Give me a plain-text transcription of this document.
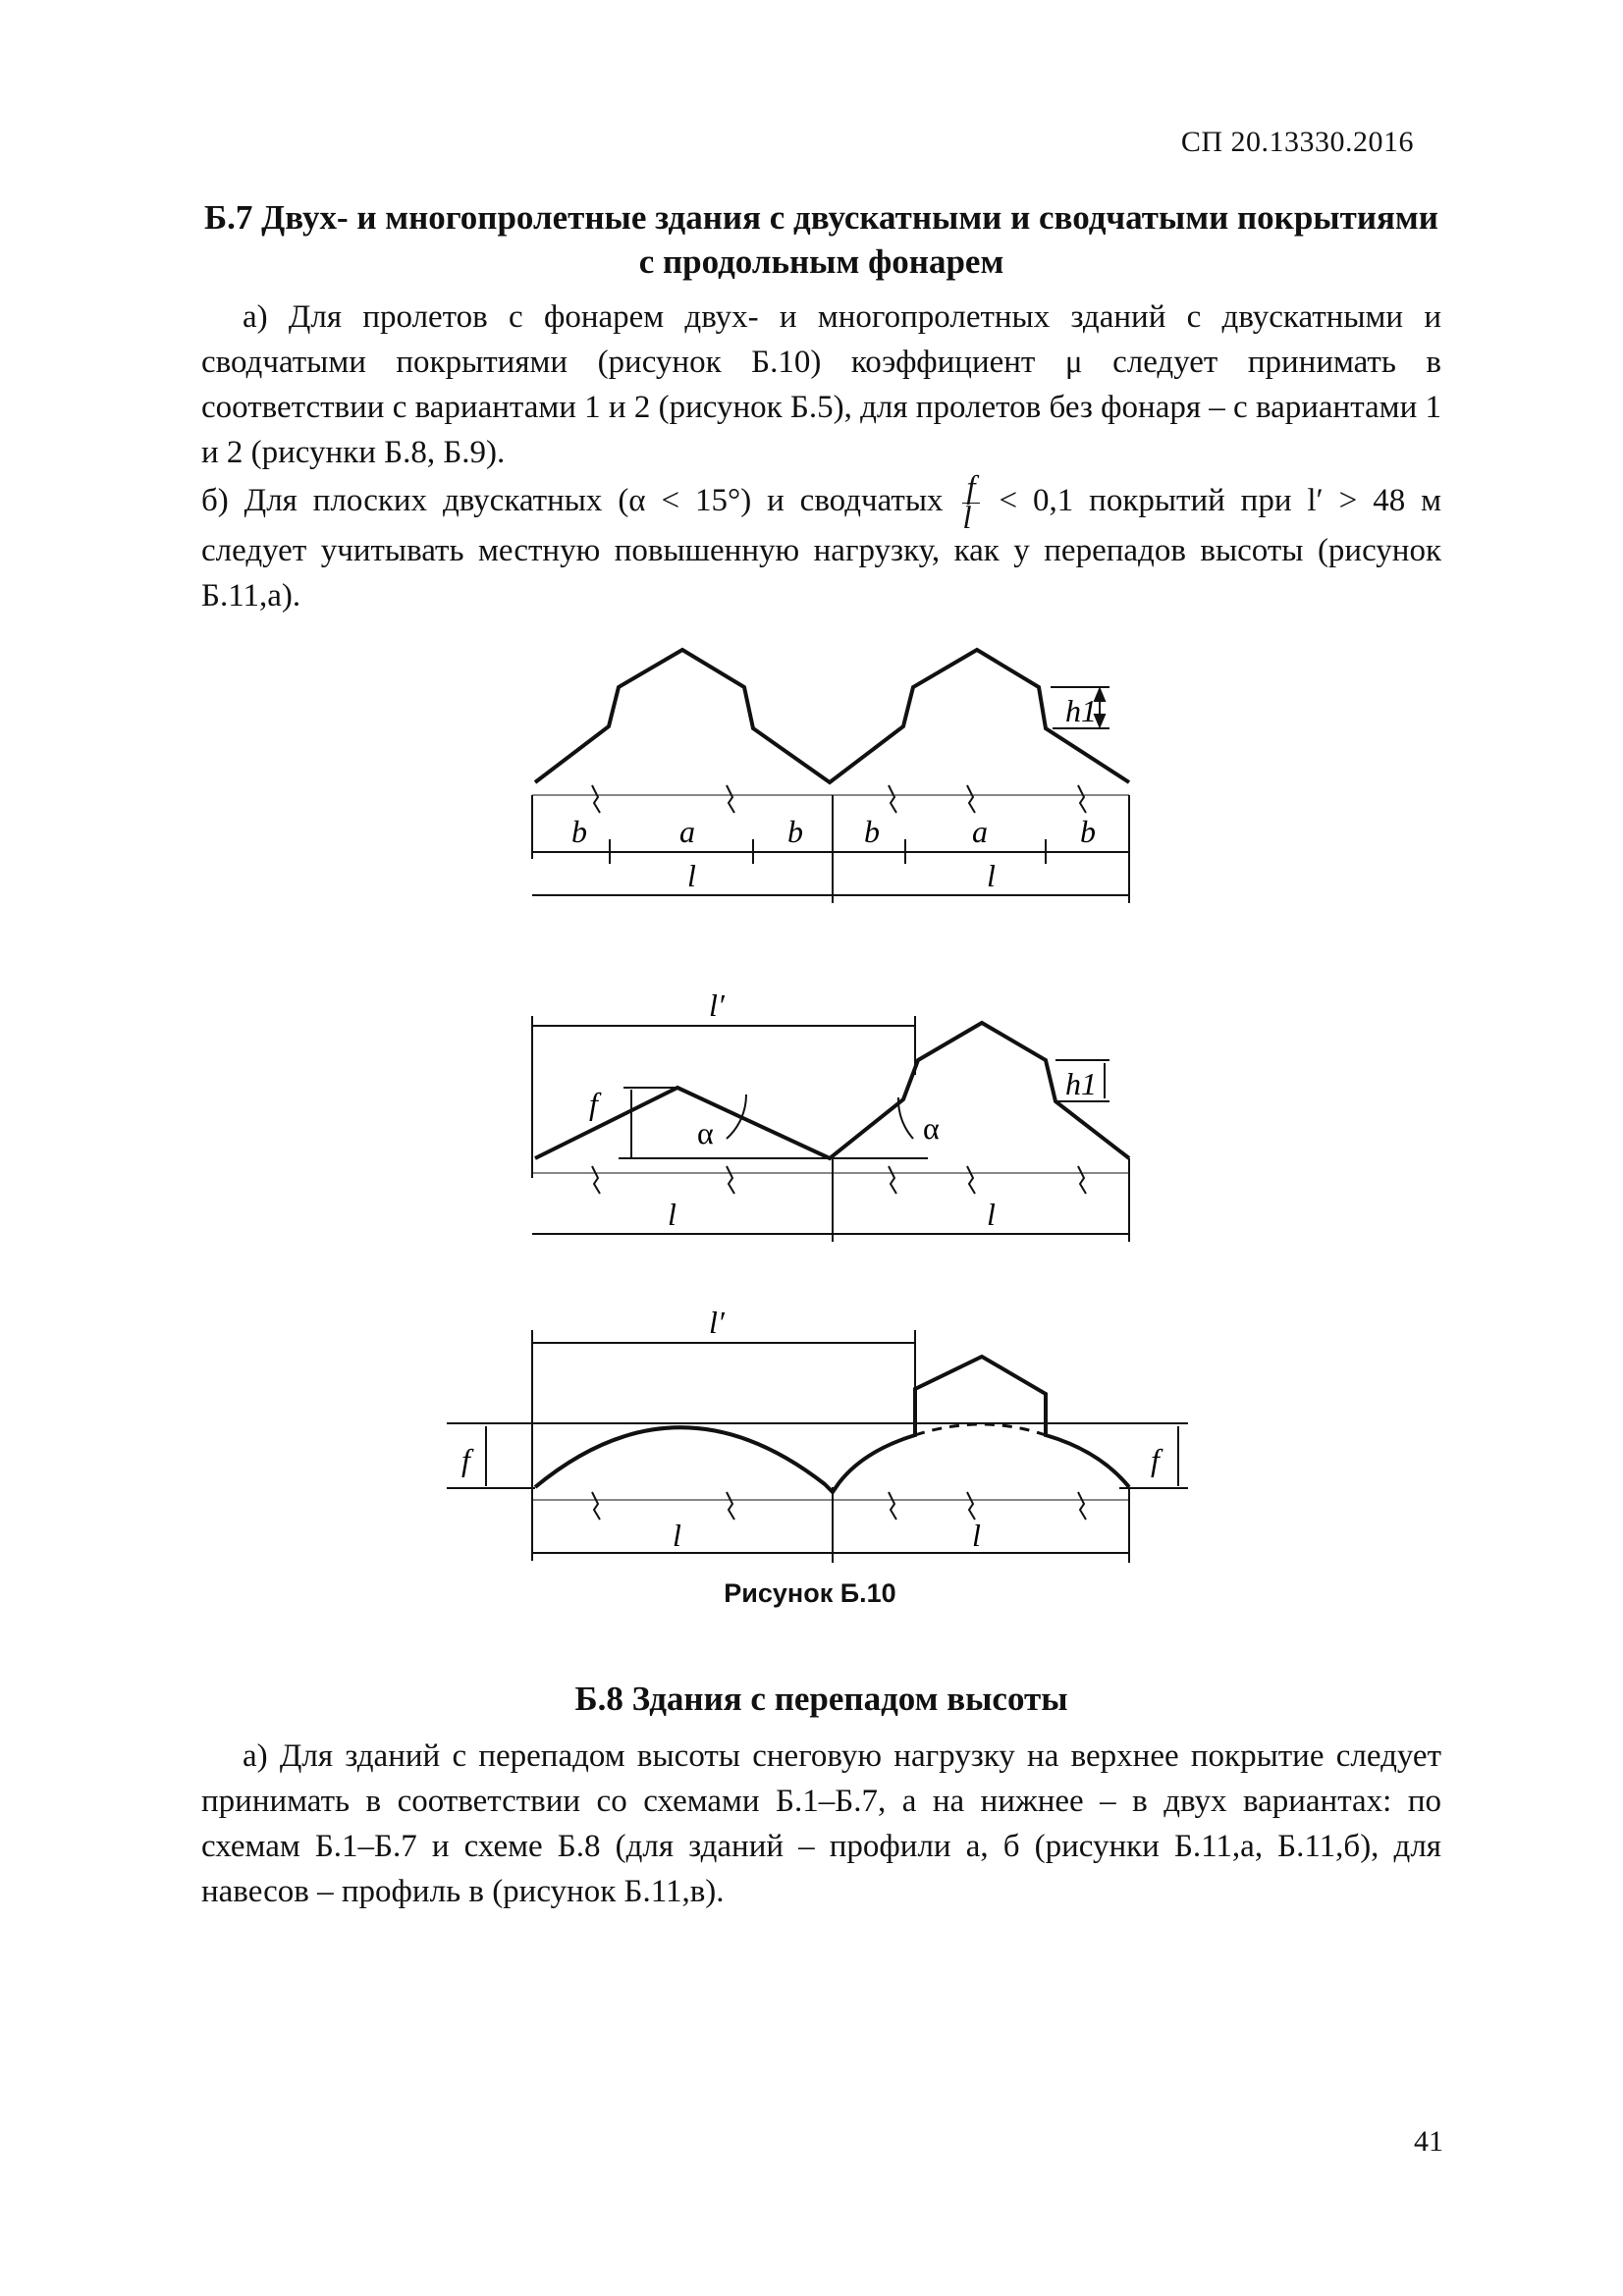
СП 20.13330.2016
Б.7 Двух- и многопролетные здания с двускатными и сводчатыми покрытиями
с продольным фонарем

а) Для пролетов с фонарем двух- и многопролетных зданий с двускатными и сводчатыми покрытиями (рисунок Б.10) коэффициент μ следует принимать в соответствии с вариантами 1 и 2 (рисунок Б.5), для пролетов без фонаря – с вариантами 1 и 2 (рисунки Б.8, Б.9).

б) Для плоских двускатных (α < 15°) и сводчатых $\frac{f}{l} < 0,1$ покрытий при l′ > 48 м

следует учитывать местную повышенную нагрузку, как у перепадов высоты (рисунок Б.11,а).

b	a	b b	a	b
l	l
h1
l′
f
α	α
h1
l	l
l′
f	f
l	l
Рисунок Б.10
Б.8 Здания с перепадом высоты

а) Для зданий с перепадом высоты снеговую нагрузку на верхнее покрытие следует принимать в соответствии со схемами Б.1–Б.7, а на нижнее – в двух вариантах: по схемам Б.1–Б.7 и схеме Б.8 (для зданий – профили а, б (рисунки Б.11,а, Б.11,б), для навесов – профиль в (рисунок Б.11,в).

41
